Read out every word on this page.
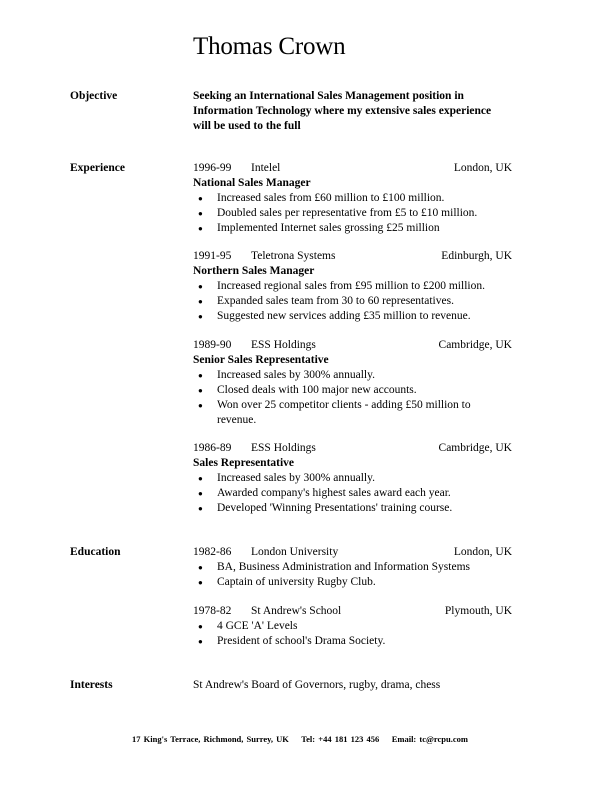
Thomas Crown
Objective	Seeking an International Sales Management position in Information Technology where my extensive sales experience will be used to the full
Experience	1996-99 Intelel	London, UK
National Sales Manager
● Increased sales from £60 million to £100 million.
● Doubled sales per representative from £5 to £10 million.
● Implemented Internet sales grossing £25 million
1991-95 Teletrona Systems	Edinburgh, UK
Northern Sales Manager
● Increased regional sales from £95 million to £200 million.
● Expanded sales team from 30 to 60 representatives.
● Suggested new services adding £35 million to revenue.
1989-90 ESS Holdings	Cambridge, UK
Senior Sales Representative
● Increased sales by 300% annually.
● Closed deals with 100 major new accounts.
● Won over 25 competitor clients - adding £50 million to revenue.
1986-89 ESS Holdings	Cambridge, UK
Sales Representative
● Increased sales by 300% annually.
● Awarded company's highest sales award each year.
● Developed 'Winning Presentations' training course.
Education	1982-86 London University	London, UK
● BA, Business Administration and Information Systems
● Captain of university Rugby Club.
1978-82 St Andrew's School	Plymouth, UK
● 4 GCE 'A' Levels
● President of school's Drama Society.
Interests	St Andrew's Board of Governors, rugby, drama, chess
17 King's Terrace, Richmond, Surrey, UK    Tel: +44 181 123 456    Email: tc@rcpu.com
